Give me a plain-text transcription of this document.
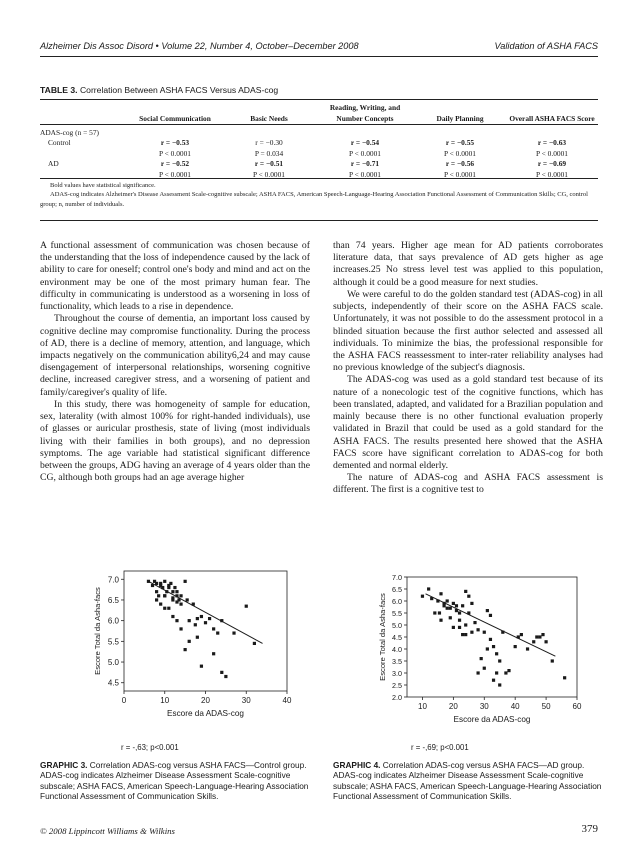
Alzheimer Dis Assoc Disord • Volume 22, Number 4, October–December 2008	Validation of ASHA FACS
TABLE 3. Correlation Between ASHA FACS Versus ADAS-cog
	Social Communication	Basic Needs	Reading, Writing, and Number Concepts	Daily Planning	Overall ASHA FACS Score
ADAS-cog (n = 57)					
Control	r = −0.53	r = −0.30	r = −0.54	r = −0.55	r = −0.63
	P < 0.0001	P = 0.034	P < 0.0001	P < 0.0001	P < 0.0001
AD	r = −0.52	r = −0.51	r = −0.71	r = −0.56	r = −0.69
	P < 0.0001	P < 0.0001	P < 0.0001	P < 0.0001	P < 0.0001
Bold values have statistical significance.
ADAS-cog indicates Alzheimer's Disease Assessment Scale-cognitive subscale; ASHA FACS, American Speech-Language-Hearing Association Functional Assessment of Communication Skills; CG, control group; n, number of individuals.

A functional assessment of communication was chosen because of the understanding that the loss of independence caused by the lack of ability to care for oneself; control one's body and mind and act on the environment may be one of the most primary human fear. The difficulty in communicating is understood as a worsening in loss of functionality, which leads to a rise in dependence.

Throughout the course of dementia, an important loss caused by cognitive decline may compromise functionality. During the process of AD, there is a decline of memory, attention, and language, which impacts negatively on the communication ability6,24 and may cause disengagement of interpersonal relationships, worsening cognitive decline, increased caregiver stress, and a worsening of patient and family/caregiver's quality of life.

In this study, there was homogeneity of sample for education, sex, laterality (with almost 100% for right-handed individuals), use of glasses or auricular prosthesis, state of living (most individuals living with their families in both groups), and no depression symptoms. The age variable had statistical significant difference between the groups, ADG having an average of 4 years older than the CG, although both groups had an age average higher

than 74 years. Higher age mean for AD patients corroborates literature data, that says prevalence of AD gets higher as age increases.25 No stress level test was applied to this population, although it could be a good measure for next studies.

We were careful to do the golden standard test (ADAS-cog) in all subjects, independently of their score on the ASHA FACS scale. Unfortunately, it was not possible to do the assessment protocol in a blinded situation because the first author selected and assessed all individuals. To minimize the bias, the professional responsible for the ASHA FACS reassessment to inter-rater reliability analyses had no previous knowledge of the subject's diagnosis.

The ADAS-cog was used as a gold standard test because of its nature of a nonecologic test of the cognitive functions, which has been translated, adapted, and validated for a Brazilian population and mainly because there is no other functional evaluation properly validated in Brazil that could be used as a gold standard for the ASHA FACS. The results presented here showed that the ASHA FACS score have significant correlation to ADAS-cog for both demented and normal elderly.

The nature of ADAS-cog and ASHA FACS assessment is different. The first is a cognitive test to

0	10	20	30	40
4.5
5.0
5.5
6.0
6.5
7.0
Escore da ADAS-cog
Escore Total da Asha-facs
r = -,63; p<0.001
10	20	30	40	50	60
2.0
2.5
3.0
3.5
4.0
4.5
5.0
5.5
6.0
6.5
7.0
Escore da ADAS-cog
Escore Total da Asha-facs
r = -,69; p<0.001
GRAPHIC 3. Correlation ADAS-cog versus ASHA FACS—Control group. ADAS-cog indicates Alzheimer Disease Assessment Scale-cognitive subscale; ASHA FACS, American Speech-Language-Hearing Association Functional Assessment of Communication Skills.
GRAPHIC 4. Correlation ADAS-cog versus ASHA FACS—AD group. ADAS-cog indicates Alzheimer Disease Assessment Scale-cognitive subscale; ASHA FACS, American Speech-Language-Hearing Association Functional Assessment of Communication Skills.
© 2008 Lippincott Williams & Wilkins	379
